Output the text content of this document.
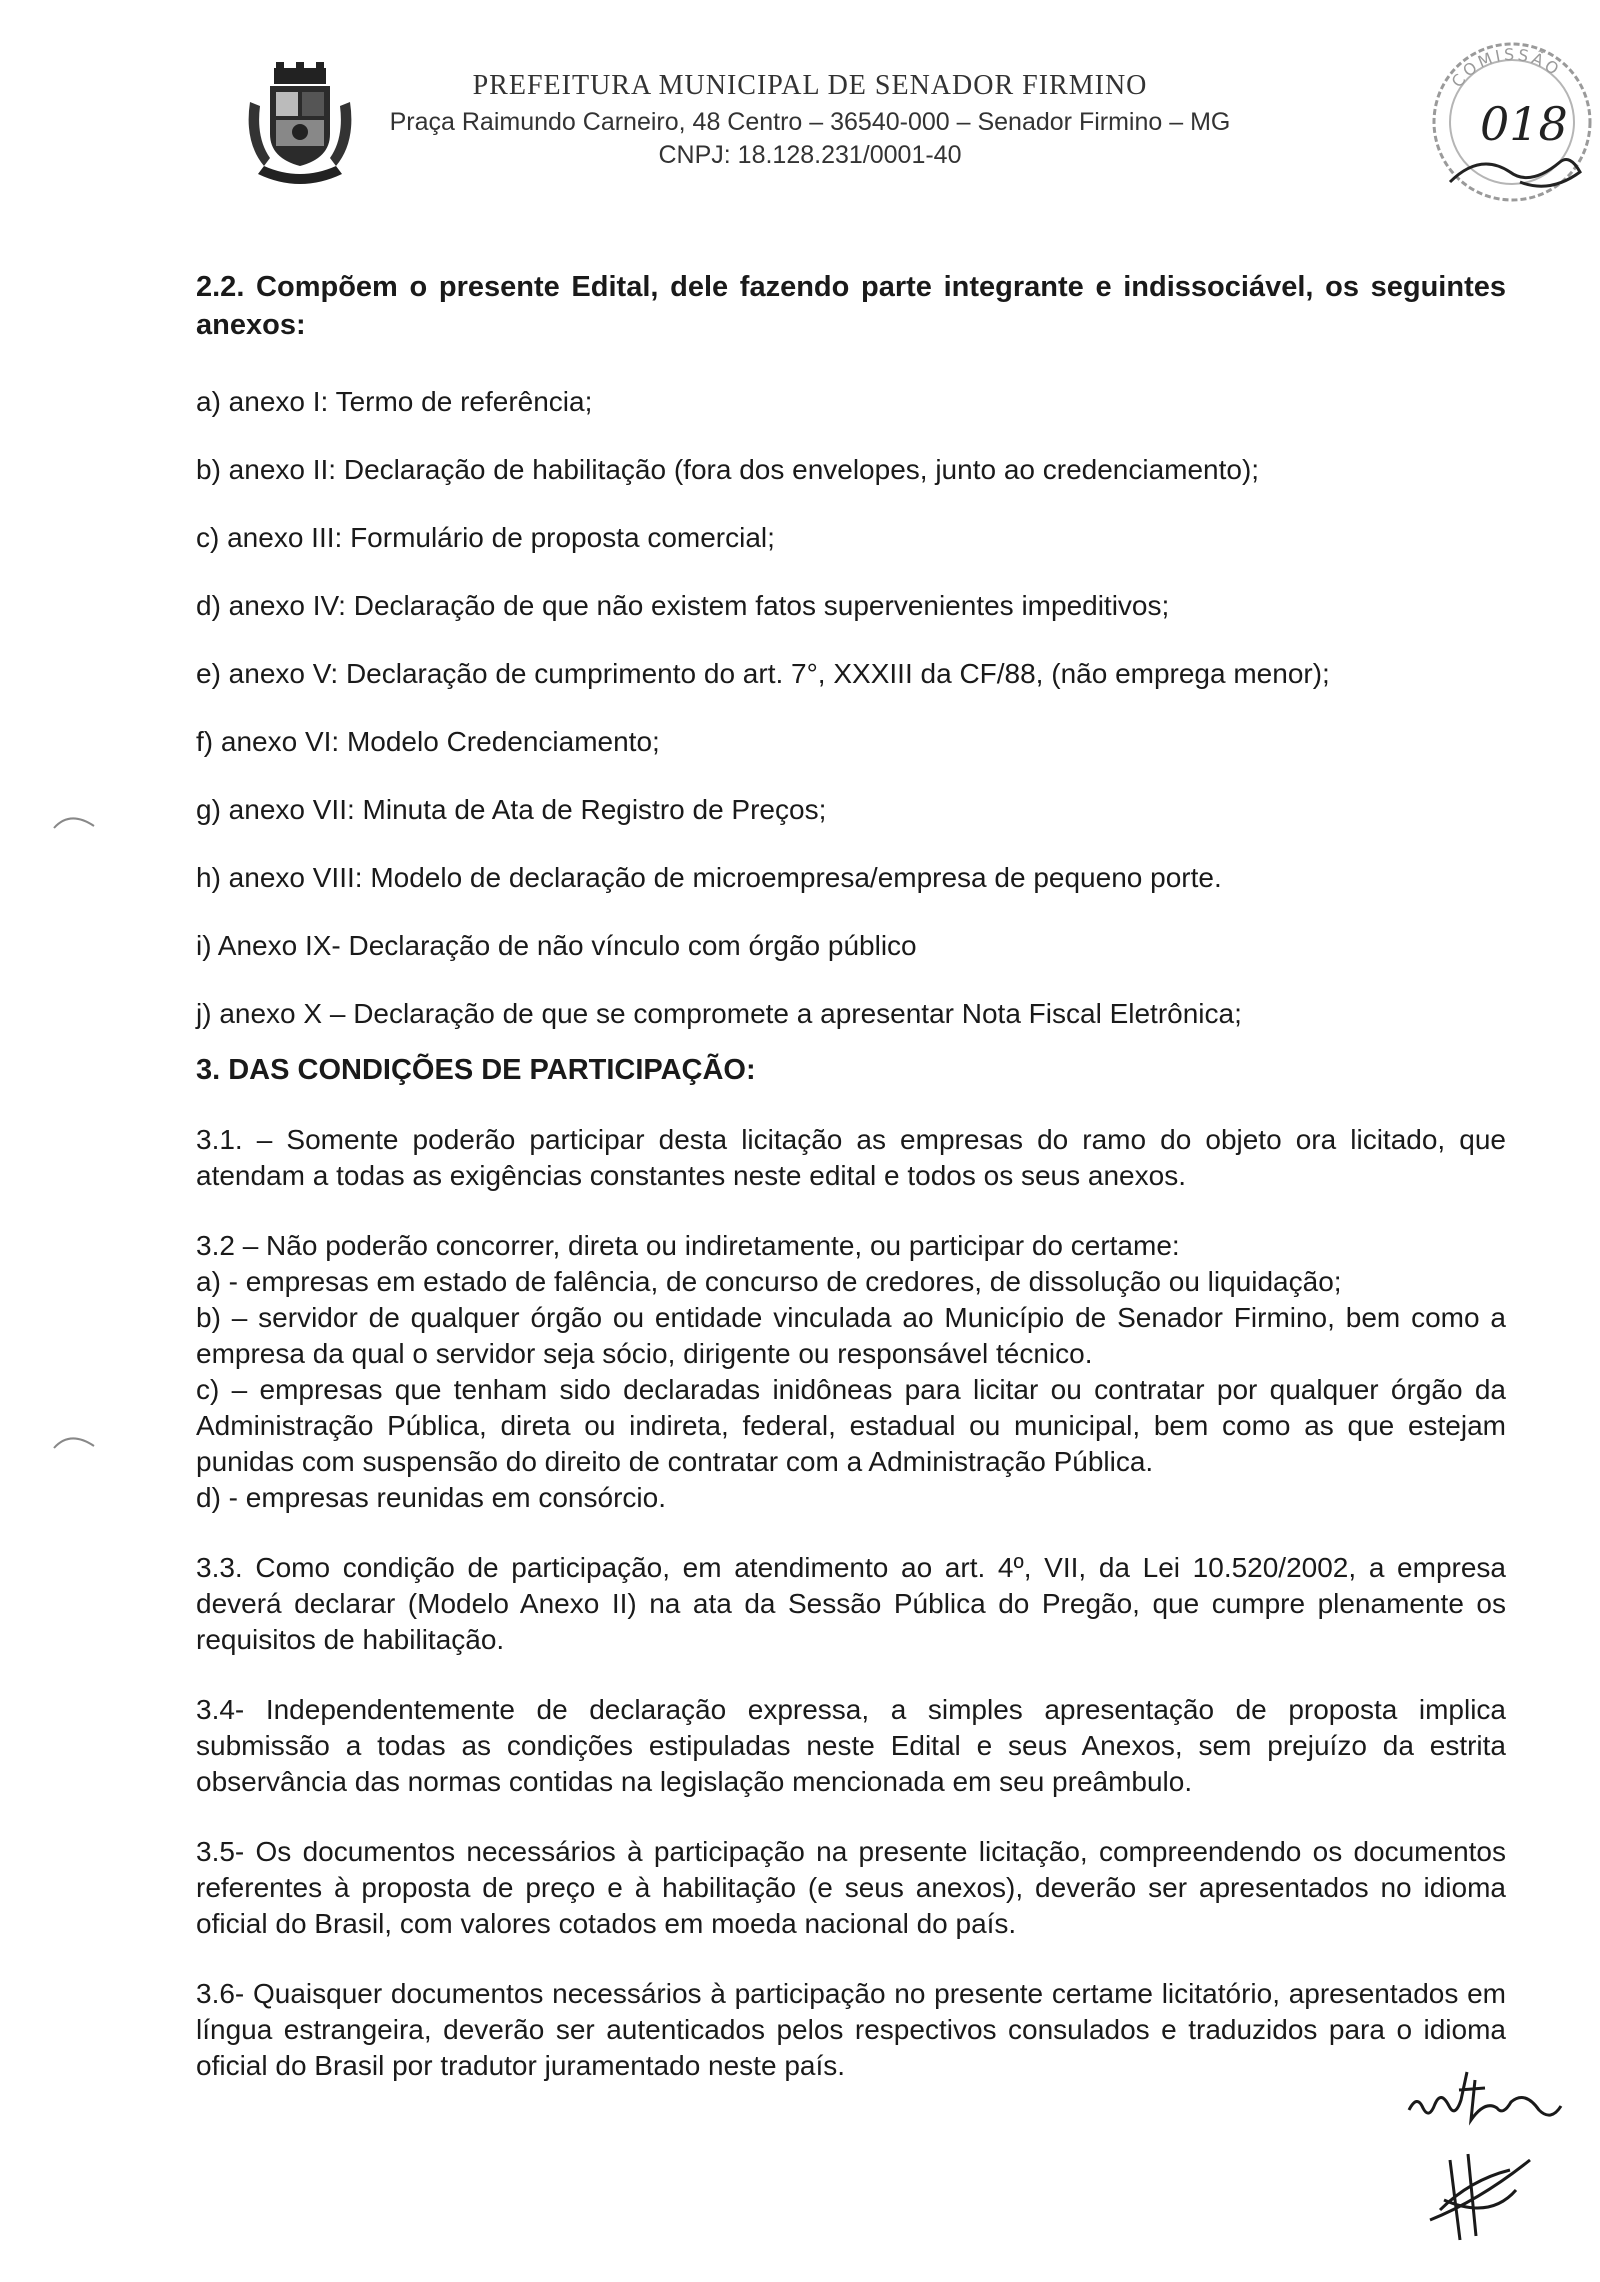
PREFEITURA MUNICIPAL DE SENADOR FIRMINO

Praça Raimundo Carneiro, 48 Centro – 36540-000 – Senador Firmino – MG

CNPJ: 18.128.231/0001-40

COMISSÃO
018

2.2. Compõem o presente Edital, dele fazendo parte integrante e indissociável, os seguintes anexos:

a) anexo I: Termo de referência;

b) anexo II: Declaração de habilitação (fora dos envelopes, junto ao credenciamento);

c) anexo III: Formulário de proposta comercial;

d) anexo IV: Declaração de que não existem fatos supervenientes impeditivos;

e) anexo V: Declaração de cumprimento do art. 7°, XXXIII da CF/88, (não emprega menor);

f) anexo VI: Modelo Credenciamento;

g) anexo VII: Minuta de Ata de Registro de Preços;

h) anexo VIII: Modelo de declaração de microempresa/empresa de pequeno porte.

i) Anexo IX- Declaração de não vínculo com órgão público

j) anexo X – Declaração de que se compromete a apresentar Nota Fiscal Eletrônica;

3. DAS CONDIÇÕES DE PARTICIPAÇÃO:

3.1. – Somente poderão participar desta licitação as empresas do ramo do objeto ora licitado, que atendam a todas as exigências constantes neste edital e todos os seus anexos.

3.2 – Não poderão concorrer, direta ou indiretamente, ou participar do certame:

a) - empresas em estado de falência, de concurso de credores, de dissolução ou liquidação;

b) – servidor de qualquer órgão ou entidade vinculada ao Município de Senador Firmino, bem como a empresa da qual o servidor seja sócio, dirigente ou responsável técnico.

c) – empresas que tenham sido declaradas inidôneas para licitar ou contratar por qualquer órgão da Administração Pública, direta ou indireta, federal, estadual ou municipal, bem como as que estejam punidas com suspensão do direito de contratar com a Administração Pública.

d) - empresas reunidas em consórcio.

3.3. Como condição de participação, em atendimento ao art. 4º, VII, da Lei 10.520/2002, a empresa deverá declarar (Modelo Anexo II) na ata da Sessão Pública do Pregão, que cumpre plenamente os requisitos de habilitação.

3.4- Independentemente de declaração expressa, a simples apresentação de proposta implica submissão a todas as condições estipuladas neste Edital e seus Anexos, sem prejuízo da estrita observância das normas contidas na legislação mencionada em seu preâmbulo.

3.5- Os documentos necessários à participação na presente licitação, compreendendo os documentos referentes à proposta de preço e à habilitação (e seus anexos), deverão ser apresentados no idioma oficial do Brasil, com valores cotados em moeda nacional do país.

3.6- Quaisquer documentos necessários à participação no presente certame licitatório, apresentados em língua estrangeira, deverão ser autenticados pelos respectivos consulados e traduzidos para o idioma oficial do Brasil por tradutor juramentado neste país.
